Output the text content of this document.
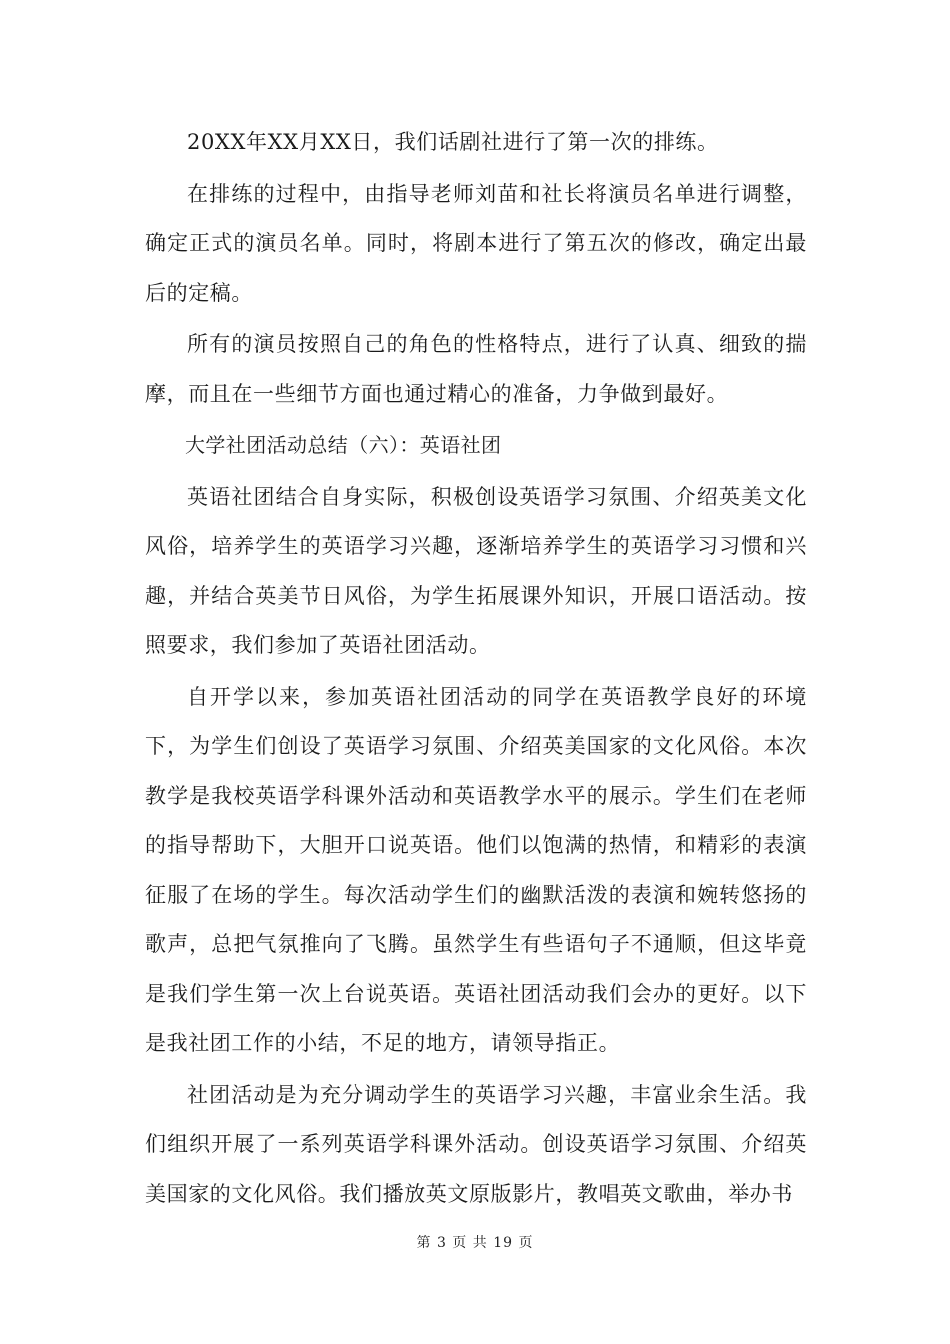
20XX年XX月XX日，我们话剧社进行了第一次的排练。

在排练的过程中，由指导老师刘苗和社长将演员名单进行调整，确定正式的演员名单。同时，将剧本进行了第五次的修改，确定出最后的定稿。

所有的演员按照自己的角色的性格特点，进行了认真、细致的揣摩，而且在一些细节方面也通过精心的准备，力争做到最好。

大学社团活动总结（六）：英语社团

英语社团结合自身实际，积极创设英语学习氛围、介绍英美文化风俗，培养学生的英语学习兴趣，逐渐培养学生的英语学习习惯和兴趣，并结合英美节日风俗，为学生拓展课外知识，开展口语活动。按照要求，我们参加了英语社团活动。

自开学以来，参加英语社团活动的同学在英语教学良好的环境下，为学生们创设了英语学习氛围、介绍英美国家的文化风俗。本次教学是我校英语学科课外活动和英语教学水平的展示。学生们在老师的指导帮助下，大胆开口说英语。他们以饱满的热情，和精彩的表演征服了在场的学生。每次活动学生们的幽默活泼的表演和婉转悠扬的歌声，总把气氛推向了飞腾。虽然学生有些语句子不通顺，但这毕竟是我们学生第一次上台说英语。英语社团活动我们会办的更好。以下是我社团工作的小结，不足的地方，请领导指正。

社团活动是为充分调动学生的英语学习兴趣，丰富业余生活。我们组织开展了一系列英语学科课外活动。创设英语学习氛围、介绍英美国家的文化风俗。我们播放英文原版影片，教唱英文歌曲，举办书

第 3 页 共 19 页
